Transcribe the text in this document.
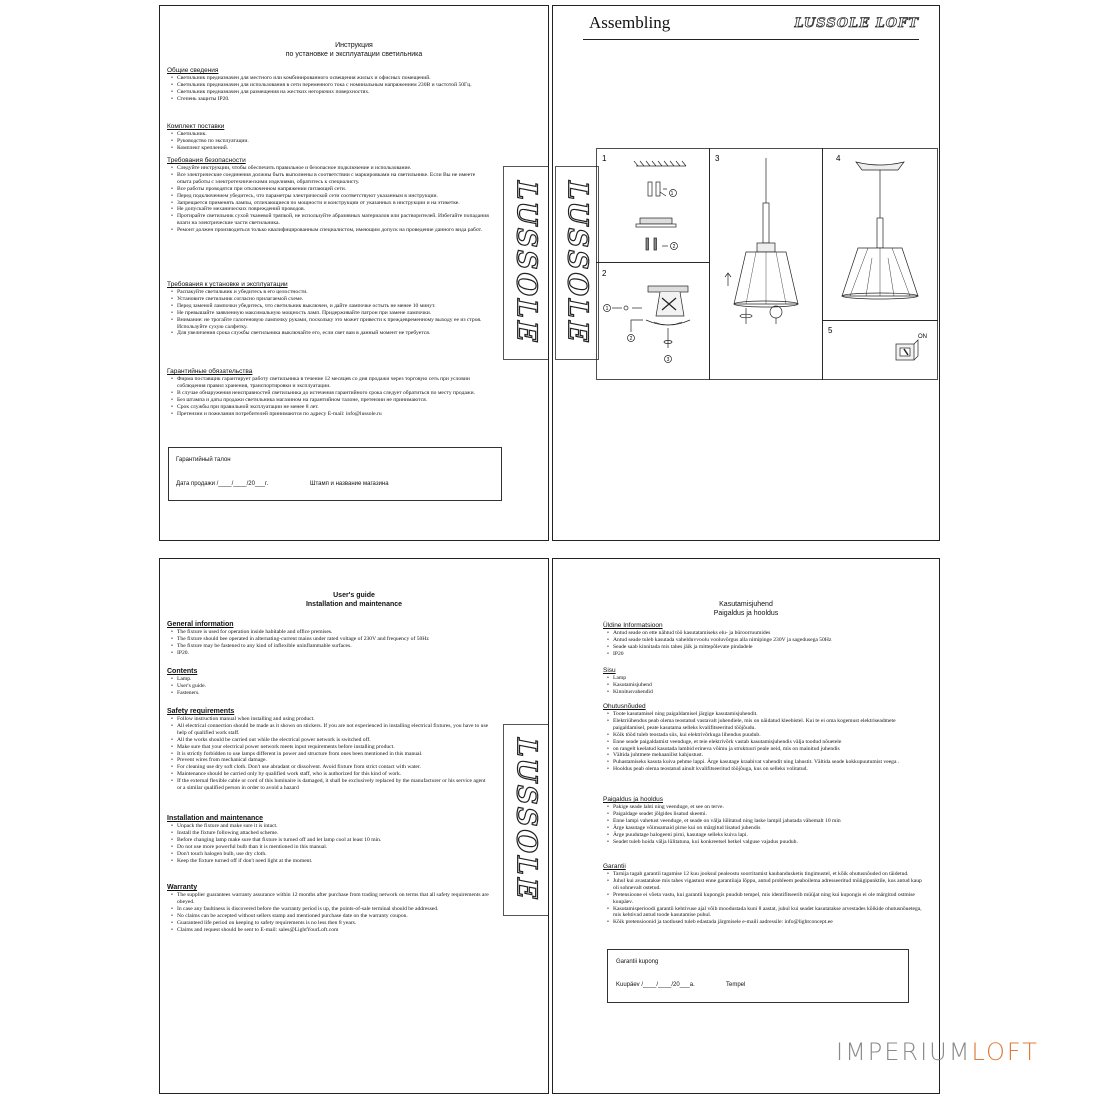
Инструкция
по установке и эксплуатации светильника
Общие сведения
• Светильник предназначен для местного или комбинированного освещения жилых и офисных помещений.
• Светильник предназначен для использования в сети переменного тока с номинальным напряжением 230В и частотой 50Гц.
• Светильник предназначен для размещения на жестких негорючих поверхностях.
• Степень защиты IP20.
Комплект поставки
• Светильник.
• Руководство по эксплуатации.
• Комплект креплений.
Требования безопасности
• Следуйте инструкции, чтобы обеспечить правильное и безопасное подключение и использование.
• Все электрические соединения должны быть выполнены в соответствии с маркировками на светильнике. Если Вы не имеете опыта работы с электротехническими изделиями, обратитесь к специалисту.
• Все работы проводятся при отключенном напряжении питающей сети.
• Перед подключением убедитесь, что параметры электрической сети соответствуют указанным в инструкции.
• Запрещается применять лампы, отличающиеся по мощности и конструкции от указанных в инструкции и на этикетке.
• Не допускайте механических повреждений проводов.
• Протирайте светильник сухой тканевой тряпкой, не используйте абразивных материалов или растворителей. Избегайте попадания влаги на электрические части светильника.
• Ремонт должен производиться только квалифицированным специалистом, имеющим допуск на проведение данного вида работ.
Требования к установке и эксплуатации
• Распакуйте светильник и убедитесь в его целостности.
• Установите светильник согласно прилагаемой схеме.
• Перед заменой лампочки убедитесь, что светильник выключен, и дайте лампочке остыть не менее 10 минут.
• Не превышайте заявленную максимальную мощность ламп. Придерживайте патрон при замене лампочки.
• Внимание: не трогайте галогеновую лампочку руками, поскольку это может привести к преждевременному выходу ее из строя. Используйте сухую салфетку.
• Для увеличения срока службы светильника выключайте его, если свет вам в данный момент не требуется.
Гарантийные обязательства
• Фирма поставщик гарантирует работу светильника в течение 12 месяцев со дня продажи через торговую сеть при условии соблюдения правил хранения, транспортировки и эксплуатации.
• В случае обнаружения неисправностей светильника до истечения гарантийного срока следует обратиться по месту продажи.
• Без штампа и даты продажи светильника магазином на гарантийном талоне, претензии не принимаются.
• Срок службы при правильной эксплуатации не менее 8 лет.
• Претензии и пожелания потребителей принимаются по адресу E-mail: info@lussole.ru
LUSSOLE
Гарантийный талон
Дата продажи /____/____/20___г.	Штамп и название магазина
Assembling	LUSSOLE LOFT
LUSSOLE	1
2
1
2
3
ON
1
2
3	4
5
User's guide
Installation and maintenance
General information
• The fixture is used for operation inside habitable and office premises.
• The fixture should bee operated in alternating-current mains under rated voltage of 230V and frequency of 50Hz
• The fixture may be fastened to any kind of inflexible uninflammable surfaces.
• IP20.
Contents
• Lamp.
• User's guide.
• Fasteners.
Safety requirements
• Follow instruction manual when installing and using product.
• All electrical connection should be made as it shown on stickers. If you are not experienced in installing electrical fixtures, you have to use help of qualified work staff.
• All the works should be carried out while the electrical power network is switched off.
• Make sure that your electrical power network meets input requirements before installing product.
• It is strictly forbidden to use lamps different in power and structure from ones been mentioned in this manual.
• Prevent wires from mechanical damage.
• For cleaning use dry soft cloth. Don't use abradant or dissolvent. Avoid fixture from strict contact with water.
• Maintenance should be carried only by qualified work staff, who is authorized for this kind of work.
• If the external flexible cable or cord of this luminaire is damaged, it shall be exclusively replaced by the manufacturer or his service agent or a similar qualified person in order to avoid a hazard
Installation and maintenance
• Unpack the fixture and make sure it is intact.
• Install the fixture following attached scheme.
• Before changing lamp make sure that fixture is turned off and let lamp cool at least 10 min.
• Do not use more powerful bulb than it is mentioned in this manual.
• Don't touch halogen bulb, use dry cloth.
• Keep the fixture turned off if don't need light at the moment.
Warranty
• The supplier guarantees warranty assurance within 12 months after purchase from trading network on terms that all safety requirements are obeyed.
• In case any faultiness is discovered before the warranty period is up, the points-of-sale terminal should be addressed.
• No claims can be accepted without sellers stamp and mentioned purchase date on the warranty coupon.
• Guaranteed life period on keeping to safety requirements is no less then 8 years.
• Claims and request should be sent to E-mail: sales@LightYourLoft.com
LUSSOLE
Kasutamisjuhend
Paigaldus ja hooldus
Üldine Informatsioon
• Antud seade on ette nähtud töö kasutatamiseks elu- ja büroorruumides
• Antud seade tuleb kasutada vahelduvvoolu vooluvõrgus alla nimipinge 230V ja sagedusega 50Hz
• Seade saab kinnitada mis tahes jäik ja mittepõlevate pindadele
• IP20
Sisu
• Lamp
• Kasutamisjuhend
• Kinnitusvahendid
Ohutusnõuded
• Toote kasutamisel ning paigaldamisel järgige kasutamisjuhendit.
• Elektriühendus peab olema teostatud vastavalt juhendiele, mis on näidatud kleebistel. Kui te ei oma kogemust elektriseadmete paigaldamisel, peate kasutama selleks kvalifitseeritud tööjõudu.
• Kõik tööd tuleb teostada siis, kui elektrivõrkuga lihendus puudub.
• Enne seade paigaldamist veenduge, et teie elektrivõrk vastab kasutamisjuhendis välja toodud nõuetele
• on rangelt keelatud kasutada lambid erineva võimu ja struktuuri peale neid, mis on mainitud juhendis
• Vältida juhtmete mehaanilist kahjustust.
• Puhastamiseks kasuta kuiva pehme lappi. Ärge kasutage kraabivat vahendit ning lahustit. Vältida seade kokkupuutumist veega .
• Hooldus peab olema teostatud ainult kvalifitseeritud tööjõuga, kus on selleks volitatud.
Paigaldus ja hooldus
• Pakige seade lahti ning veenduge, et see on terve.
• Paigaldage seadet jõlgides lisatud skeemi.
• Enne lampi vahetust veenduge, et seade on välja lülitatud ning laske lampil jahutada vähemalt 10 min
• Ärge kasutage võimsamaid pirne kui on märgitud lisatud juhendis
• Ärge puudutage halogeeni pirni, kasutage selleks kuiva lapi.
• Seadet tuleb hoida välja lülitatuna, kui konkreetsel hetkel valguse vajadus puudub.
Garantii
• Tarnija tagab garantii tagamise 12 kuu jooksul pealeostu soorritamist kaubandusketis tingimustel, et kõik ohutusnõuded on täidetud.
• Juhul kui avastatakse mis tahes vigastust enne garantiiaja lõppu, antud probleem peaboilema adresseeritud müügipunktile, kus antud kaup oli sohnevalt ostetud.
• Pretensioone ei võeta vastu, kui garantii kupongis puudub tempel, mis identifitseerib müüjat ning kui kupongis ei ole märgitud ostmise kuupäev.
• Kasutamisperioodi garantii kehtivuse ajal võib moodustada kuni 8 aastat, juhul kui seadet kasutatakse arvestades kõikide ohutusnõuetega, mis kehtivad antud toode kasutamise puhul.
• Kõik pretensioonid ja taotlused tuleb edastada järgmisele e-maili aadressile: info@lightconcept.ee
Garantii kupong
Kuupäev /____/____/20___a.	Tempel
IMPERIUMLOFT
